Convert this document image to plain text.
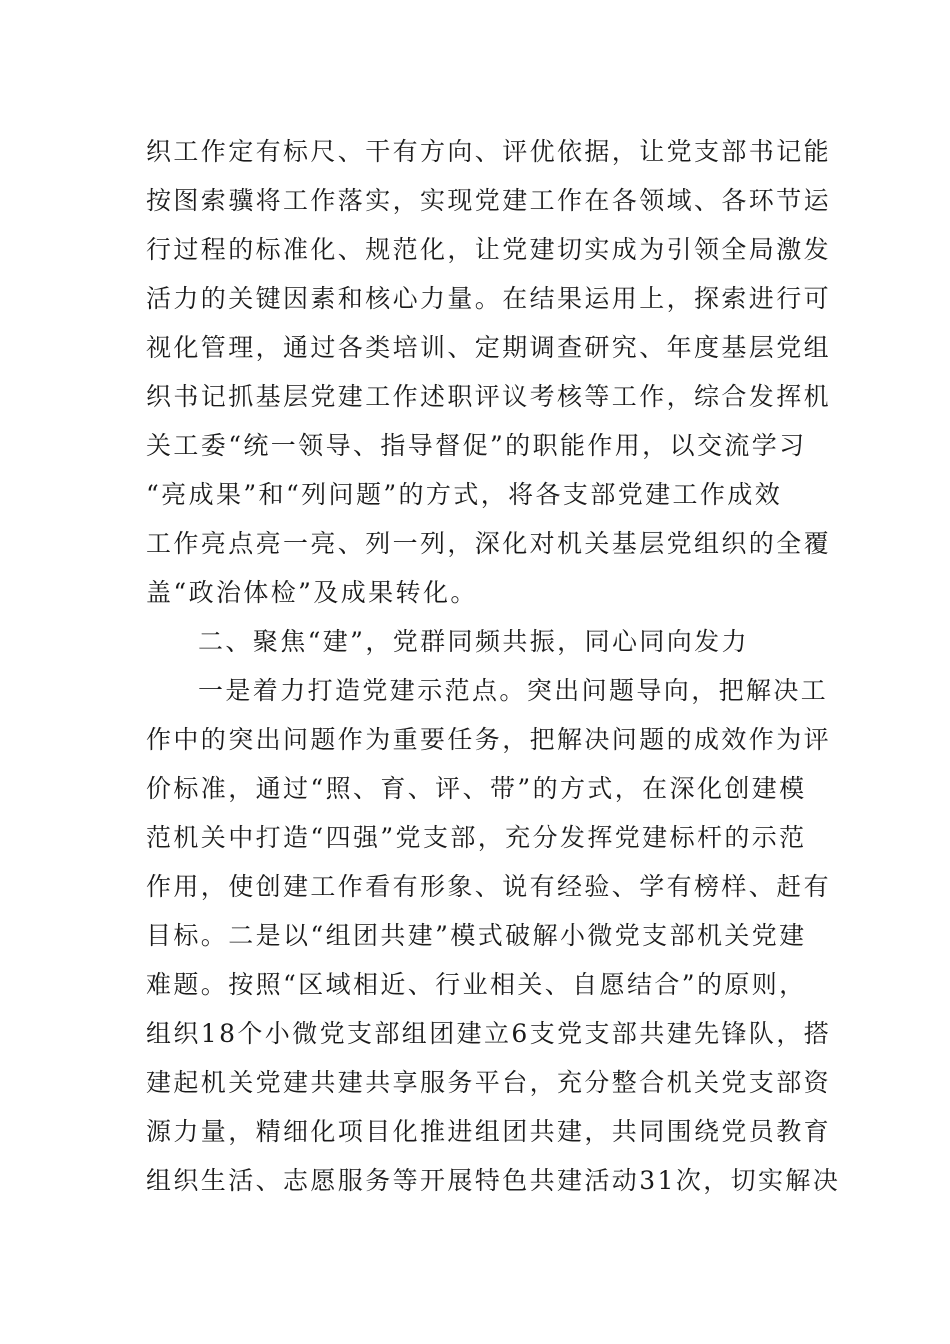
织工作定有标尺、干有方向、评优依据，让党支部书记能
按图索骥将工作落实，实现党建工作在各领域、各环节运
行过程的标准化、规范化，让党建切实成为引领全局激发
活力的关键因素和核心力量。在结果运用上，探索进行可
视化管理，通过各类培训、定期调查研究、年度基层党组
织书记抓基层党建工作述职评议考核等工作，综合发挥机
关工委“统一领导、指导督促”的职能作用，以交流学习
“亮成果”和“列问题”的方式，将各支部党建工作成效
工作亮点亮一亮、列一列，深化对机关基层党组织的全覆
盖“政治体检”及成果转化。
二、聚焦“建”，党群同频共振，同心同向发力
一是着力打造党建示范点。突出问题导向，把解决工
作中的突出问题作为重要任务，把解决问题的成效作为评
价标准，通过“照、育、评、带”的方式，在深化创建模
范机关中打造“四强”党支部，充分发挥党建标杆的示范
作用，使创建工作看有形象、说有经验、学有榜样、赶有
目标。二是以“组团共建”模式破解小微党支部机关党建
难题。按照“区域相近、行业相关、自愿结合”的原则，
组织18个小微党支部组团建立6支党支部共建先锋队，搭
建起机关党建共建共享服务平台，充分整合机关党支部资
源力量，精细化项目化推进组团共建，共同围绕党员教育
组织生活、志愿服务等开展特色共建活动31次，切实解决
